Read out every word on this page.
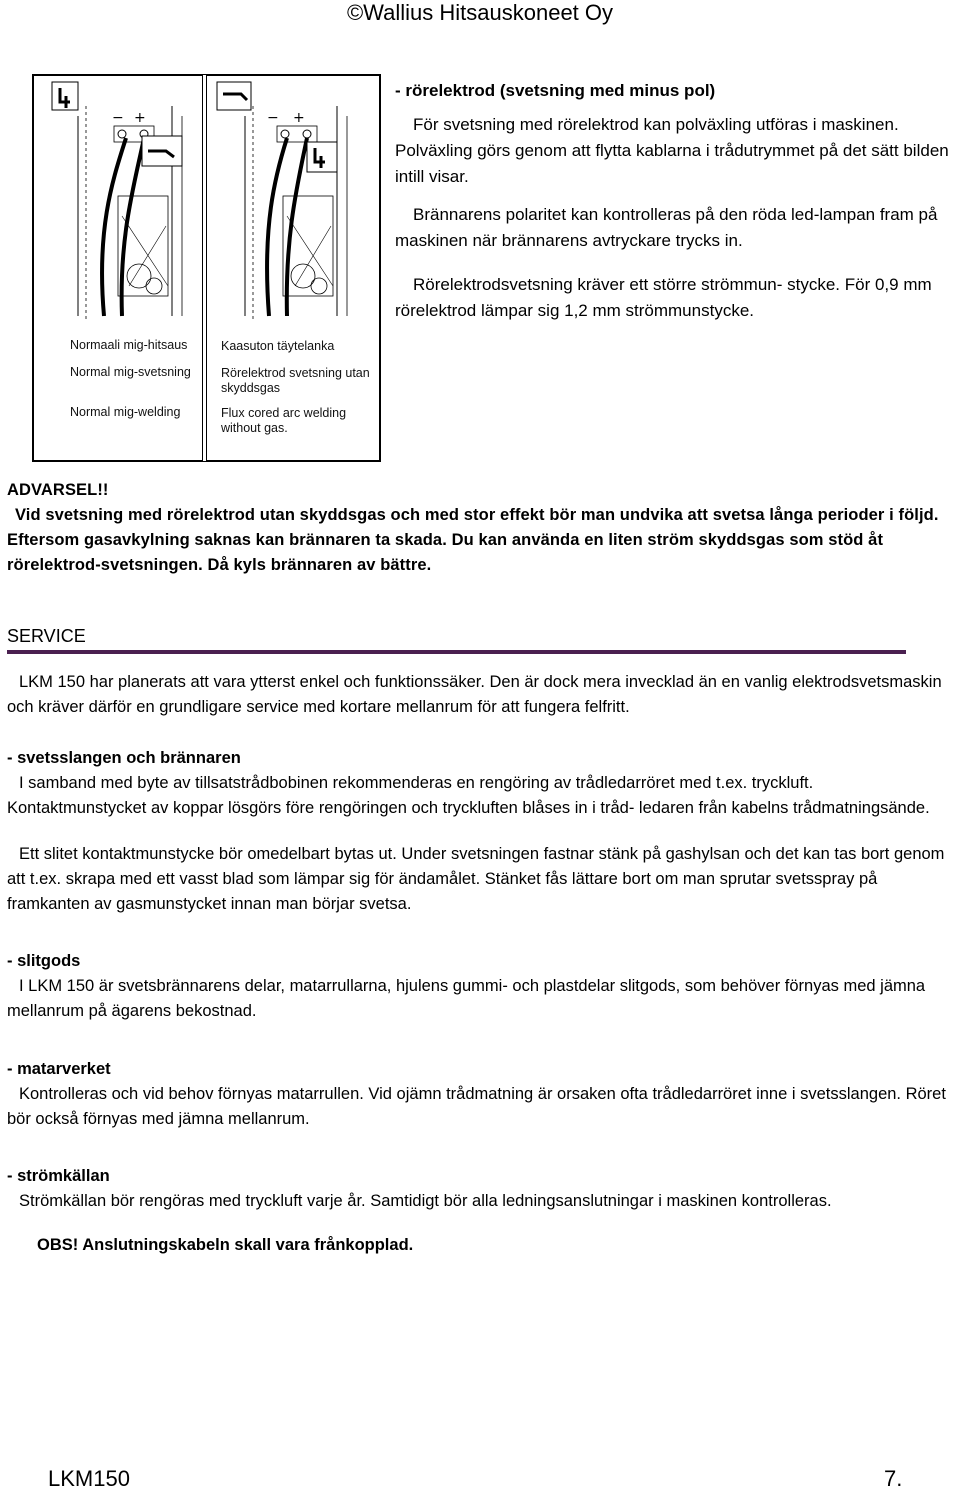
©Wallius Hitsauskoneet Oy
− +
Normaali mig-hitsaus
Normal mig-svetsning
Normal mig-welding
− +
Kaasuton täytelanka
Rörelektrod svetsning utan skyddsgas
Flux cored arc welding without gas.

- rörelektrod (svetsning med minus pol)

För svetsning med rörelektrod kan polväxling utföras i maskinen. Polväxling görs genom att flytta kablarna i trådutrymmet på det sätt bilden intill visar.

Brännarens polaritet kan kontrolleras på den röda led-lampan fram på maskinen när brännarens avtryckare trycks in.

Rörelektrodsvetsning kräver ett större strömmun- stycke. För 0,9 mm rörelektrod lämpar sig 1,2 mm strömmunstycke.

ADVARSEL!!
Vid svetsning med rörelektrod utan skyddsgas och med stor effekt bör man undvika att svetsa långa perioder i följd. Eftersom gasavkylning saknas kan brännaren ta skada. Du kan använda en liten ström skyddsgas som stöd åt rörelektrod-svetsningen. Då kyls brännaren av bättre.
SERVICE

LKM 150 har planerats att vara ytterst enkel och funktionssäker. Den är dock mera invecklad än en vanlig elektrodsvetsmaskin och kräver därför en grundligare service med kortare mellanrum för att fungera felfritt.

- svetsslangen och brännaren

I samband med byte av tillsatstrådbobinen rekommenderas en rengöring av trådledarröret med t.ex. tryckluft. Kontaktmunstycket av koppar lösgörs före rengöringen och tryckluften blåses in i tråd- ledaren från kabelns trådmatningsände.

Ett slitet kontaktmunstycke bör omedelbart bytas ut. Under svetsningen fastnar stänk på gashylsan och det kan tas bort genom att t.ex. skrapa med ett vasst blad som lämpar sig för ändamålet. Stänket fås lättare bort om man sprutar svetsspray på framkanten av gasmunstycket innan man börjar svetsa.

- slitgods

I LKM 150 är svetsbrännarens delar, matarrullarna, hjulens gummi- och plastdelar slitgods, som behöver förnyas med jämna mellanrum på ägarens bekostnad.

- matarverket

Kontrolleras och vid behov förnyas matarrullen. Vid ojämn trådmatning är orsaken ofta trådledarröret inne i svetsslangen. Röret bör också förnyas med jämna mellanrum.

- strömkällan

Strömkällan bör rengöras med tryckluft varje år. Samtidigt bör alla ledningsanslutningar i maskinen kontrolleras.

OBS! Anslutningskabeln skall vara frånkopplad.

LKM150	7.
